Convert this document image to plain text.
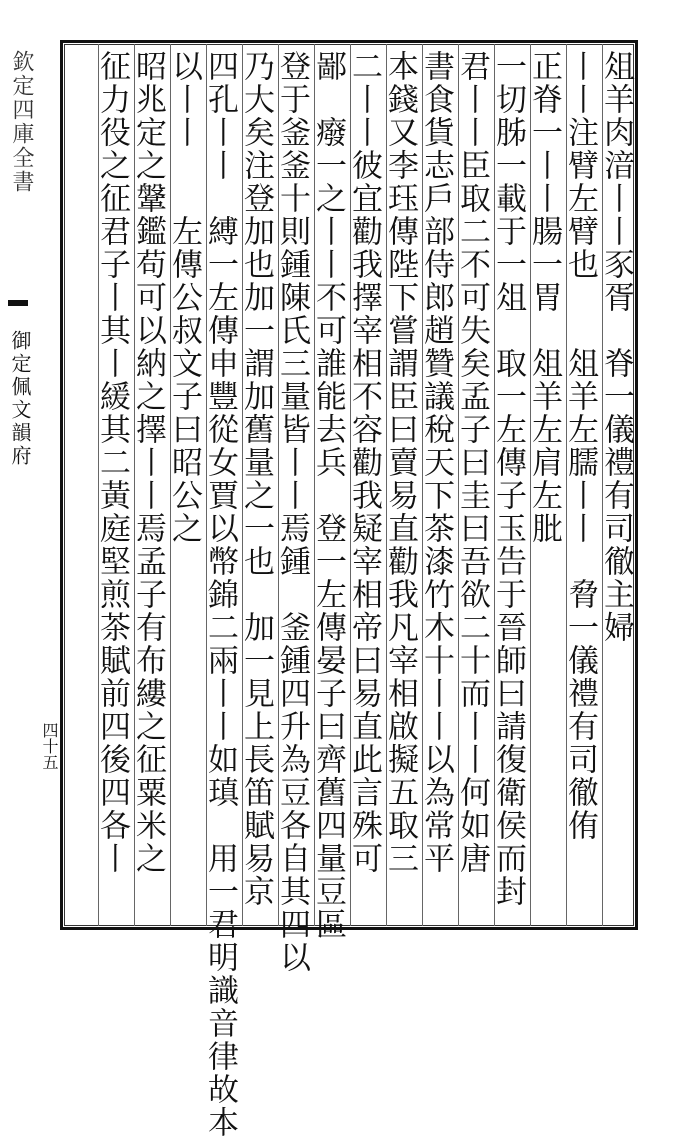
欽定四庫全書
御定佩文韻府
四十五
俎羊肉湆丨丨豕胥　脊一儀禮有司徹主婦
丨丨注臂左臂也　　俎羊左臑丨丨　脅一儀禮有司徹侑
正脊一丨丨腸一胃　俎羊左肩左肶
一切胏一載于一俎　取一左傳子玉告于晉師曰請復衛侯而封
君丨丨臣取二不可失矣孟子曰圭曰吾欲二十而丨丨何如唐
書食貨志戶部侍郎趙贊議稅天下茶漆竹木十丨丨以為常平
本錢又李珏傳陛下嘗謂臣曰賣易直勸我凡宰相啟擬五取三
二丨丨彼宜勸我擇宰相不容勸我疑宰相帝曰易直此言殊可
鄙　癈一之丨丨不可誰能去兵　登一左傳晏子曰齊舊四量豆區
登于釜釜十則鍾陳氏三量皆丨丨焉鍾　釜鍾四升為豆各自其四以
乃大矣注登加也加一謂加舊量之一也　加一見上長笛賦易京
四孔丨丨　縛一左傳申豐從女賈以幣錦二兩丨丨如瑱　用一君明識音律故本
以丨丨　　左傳公叔文子曰昭公之
昭兆定之鞶鑑苟可以納之擇丨丨焉孟子有布縷之征粟米之
征力役之征君子丨其丨緩其二黃庭堅煎茶賦前四後四各丨
